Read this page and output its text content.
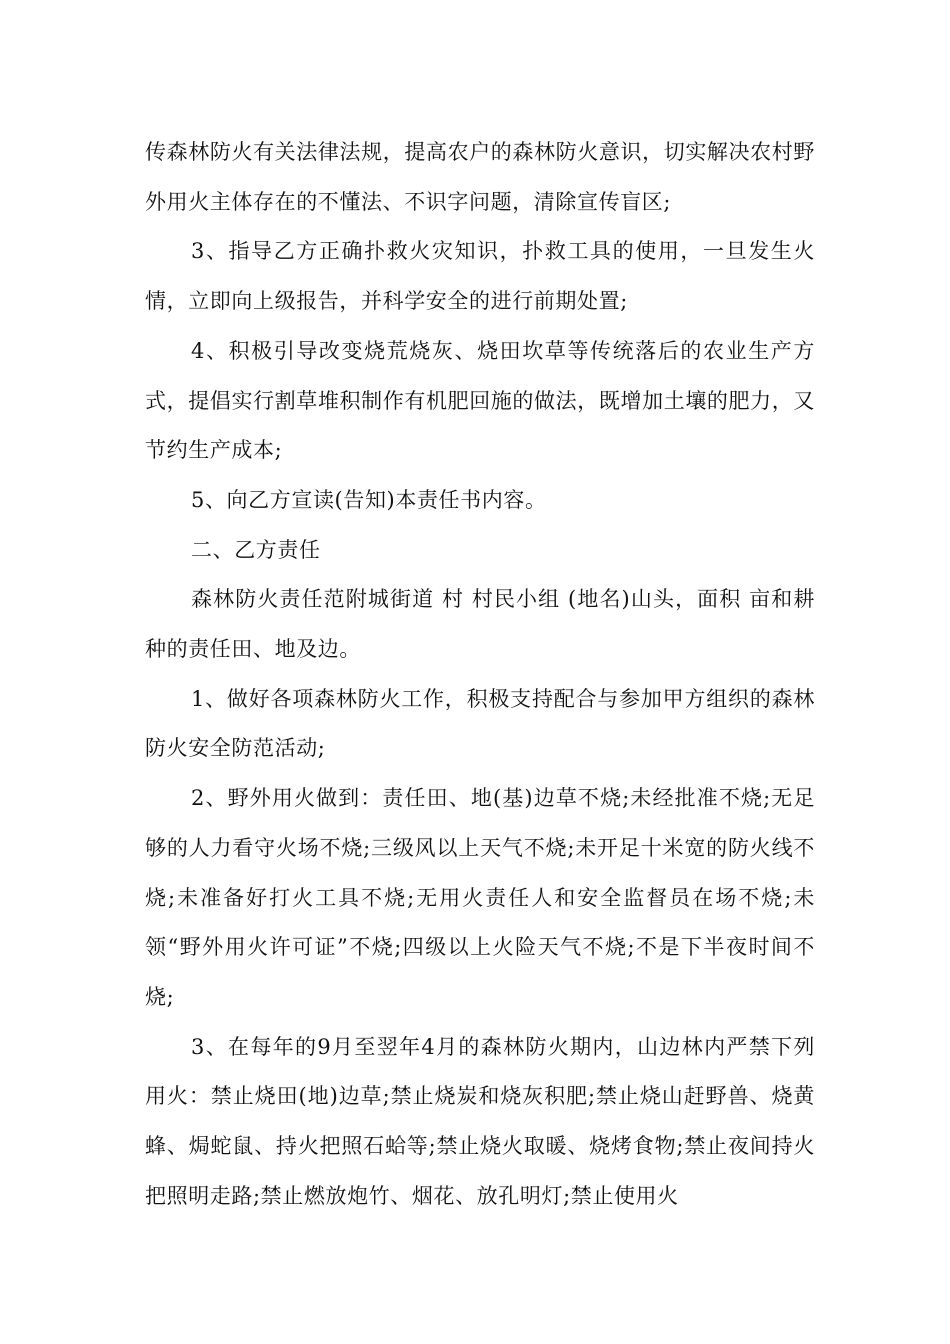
传森林防火有关法律法规，提高农户的森林防火意识，切实解决农村野外用火主体存在的不懂法、不识字问题，清除宣传盲区;

3、指导乙方正确扑救火灾知识，扑救工具的使用，一旦发生火情，立即向上级报告，并科学安全的进行前期处置;

4、积极引导改变烧荒烧灰、烧田坎草等传统落后的农业生产方式，提倡实行割草堆积制作有机肥回施的做法，既增加土壤的肥力，又节约生产成本;

5、向乙方宣读(告知)本责任书内容。

二、乙方责任

森林防火责任范附城街道 村 村民小组 (地名)山头，面积 亩和耕种的责任田、地及边。

1、做好各项森林防火工作，积极支持配合与参加甲方组织的森林防火安全防范活动;

2、野外用火做到：责任田、地(基)边草不烧;未经批准不烧;无足够的人力看守火场不烧;三级风以上天气不烧;未开足十米宽的防火线不烧;未准备好打火工具不烧;无用火责任人和安全监督员在场不烧;未领“野外用火许可证”不烧;四级以上火险天气不烧;不是下半夜时间不烧;

3、在每年的9月至翌年4月的森林防火期内，山边林内严禁下列用火：禁止烧田(地)边草;禁止烧炭和烧灰积肥;禁止烧山赶野兽、烧黄蜂、焗蛇鼠、持火把照石蛤等;禁止烧火取暖、烧烤食物;禁止夜间持火把照明走路;禁止燃放炮竹、烟花、放孔明灯;禁止使用火
